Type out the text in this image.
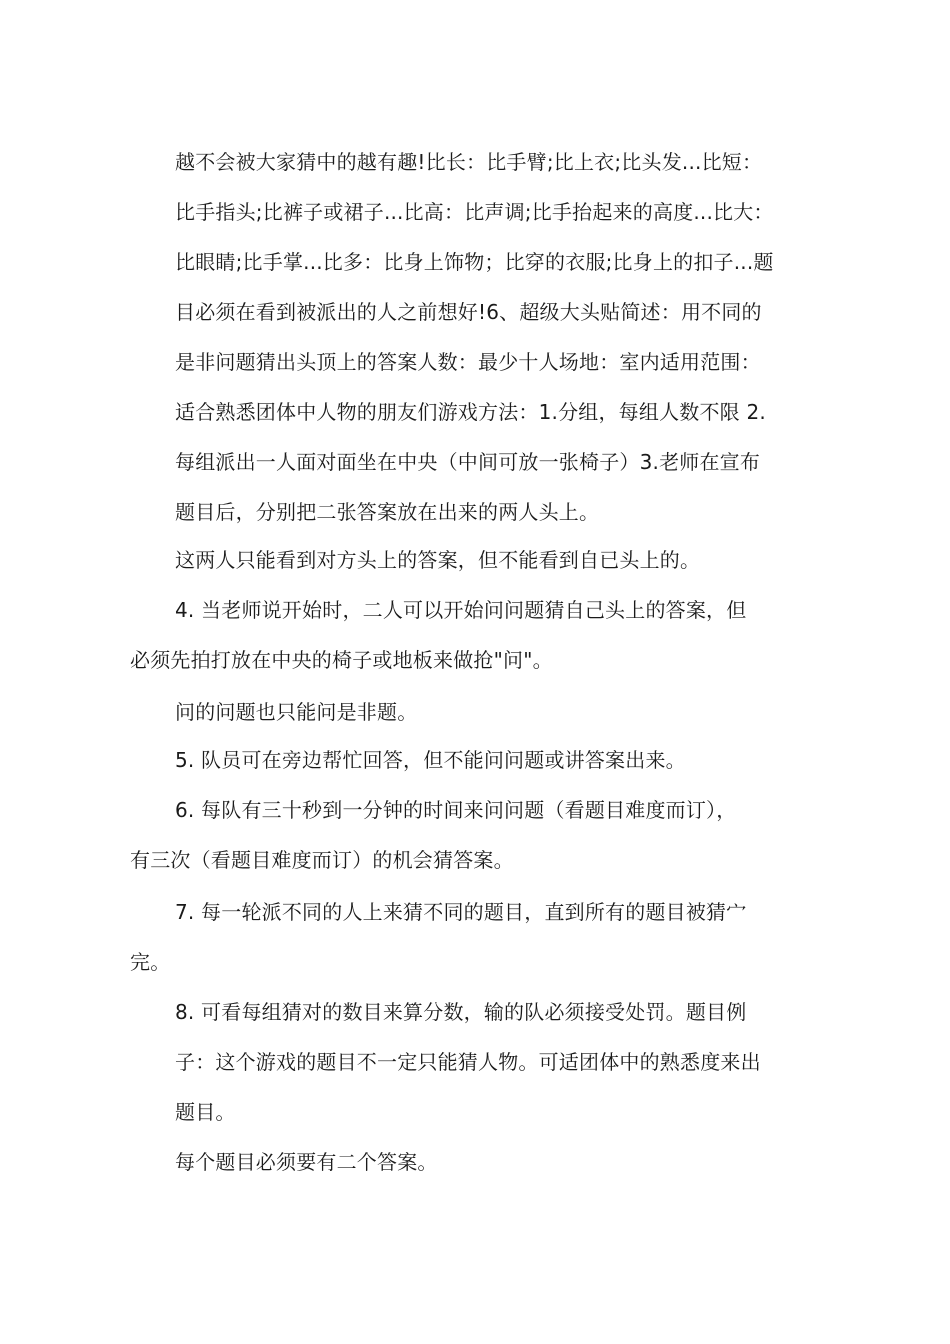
越不会被大家猜中的越有趣!比长：比手臂;比上衣;比头发...比短：
比手指头;比裤子或裙子...比高：比声调;比手抬起来的高度...比大：
比眼睛;比手掌...比多：比身上饰物；比穿的衣服;比身上的扣子...题
目必须在看到被派出的人之前想好!6、超级大头贴简述：用不同的
是非问题猜出头顶上的答案人数：最少十人场地：室内适用范围：
适合熟悉团体中人物的朋友们游戏方法：1.分组，每组人数不限 2.
每组派出一人面对面坐在中央（中间可放一张椅子）3.老师在宣布
题目后，分别把二张答案放在出来的两人头上。
这两人只能看到对方头上的答案，但不能看到自已头上的。
4. 当老师说开始时，二人可以开始问问题猜自己头上的答案，但
必须先拍打放在中央的椅子或地板来做抢"问"。
问的问题也只能问是非题。
5. 队员可在旁边帮忙回答，但不能问问题或讲答案出来。
6. 每队有三十秒到一分钟的时间来问问题（看题目难度而订），
有三次（看题目难度而订）的机会猜答案。
7. 每一轮派不同的人上来猜不同的题目，直到所有的题目被猜宀
完。
8. 可看每组猜对的数目来算分数，输的队必须接受处罚。题目例
子：这个游戏的题目不一定只能猜人物。可适团体中的熟悉度来出
题目。
每个题目必须要有二个答案。
